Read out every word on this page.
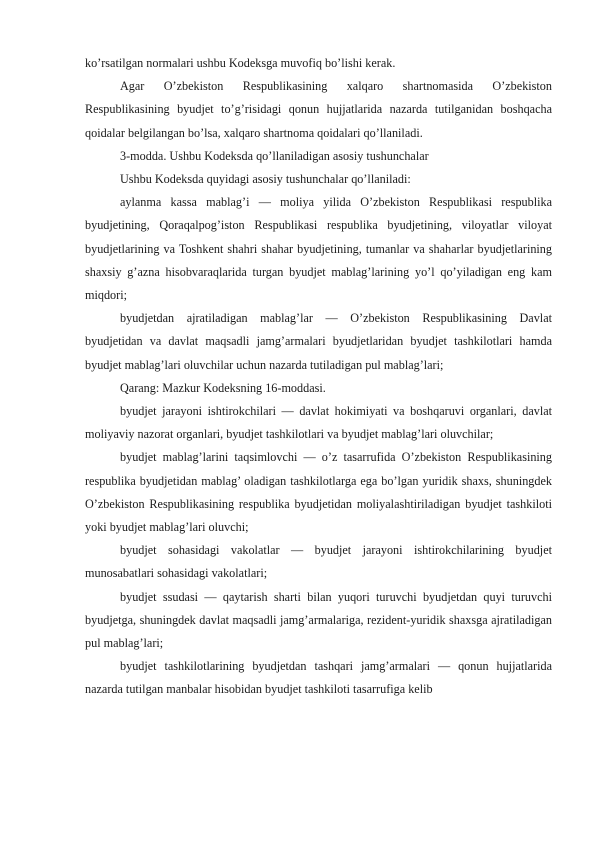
ko’rsatilgan normalari ushbu Kodeksga muvofiq bo’lishi kerak.

Agar O’zbekiston Respublikasining xalqaro shartnomasida O’zbekiston Respublikasining byudjet to’g’risidagi qonun hujjatlarida nazarda tutilganidan boshqacha qoidalar belgilangan bo’lsa, xalqaro shartnoma qoidalari qo’llaniladi.

3-modda. Ushbu Kodeksda qo’llaniladigan asosiy tushunchalar

Ushbu Kodeksda quyidagi asosiy tushunchalar qo’llaniladi:

aylanma kassa mablag’i — moliya yilida O’zbekiston Respublikasi respublika byudjetining, Qoraqalpog’iston Respublikasi respublika byudjetining, viloyatlar viloyat byudjetlarining va Toshkent shahri shahar byudjetining, tumanlar va shaharlar byudjetlarining shaxsiy g’azna hisobvaraqlarida turgan byudjet mablag’larining yo’l qo’yiladigan eng kam miqdori;

byudjetdan ajratiladigan mablag’lar — O’zbekiston Respublikasining Davlat byudjetidan va davlat maqsadli jamg’armalari byudjetlaridan byudjet tashkilotlari hamda byudjet mablag’lari oluvchilar uchun nazarda tutiladigan pul mablag’lari;

Qarang: Mazkur Kodeksning 16-moddasi.

byudjet jarayoni ishtirokchilari — davlat hokimiyati va boshqaruvi organlari, davlat moliyaviy nazorat organlari, byudjet tashkilotlari va byudjet mablag’lari oluvchilar;

byudjet mablag’larini taqsimlovchi — o’z tasarrufida O’zbekiston Respublikasining respublika byudjetidan mablag’ oladigan tashkilotlarga ega bo’lgan yuridik shaxs, shuningdek O’zbekiston Respublikasining respublika byudjetidan moliyalashtiriladigan byudjet tashkiloti yoki byudjet mablag’lari oluvchi;

byudjet sohasidagi vakolatlar — byudjet jarayoni ishtirokchilarining byudjet munosabatlari sohasidagi vakolatlari;

byudjet ssudasi — qaytarish sharti bilan yuqori turuvchi byudjetdan quyi turuvchi byudjetga, shuningdek davlat maqsadli jamg’armalariga, rezident-yuridik shaxsga ajratiladigan pul mablag’lari;

byudjet tashkilotlarining byudjetdan tashqari jamg’armalari — qonun hujjatlarida nazarda tutilgan manbalar hisobidan byudjet tashkiloti tasarrufiga kelib
